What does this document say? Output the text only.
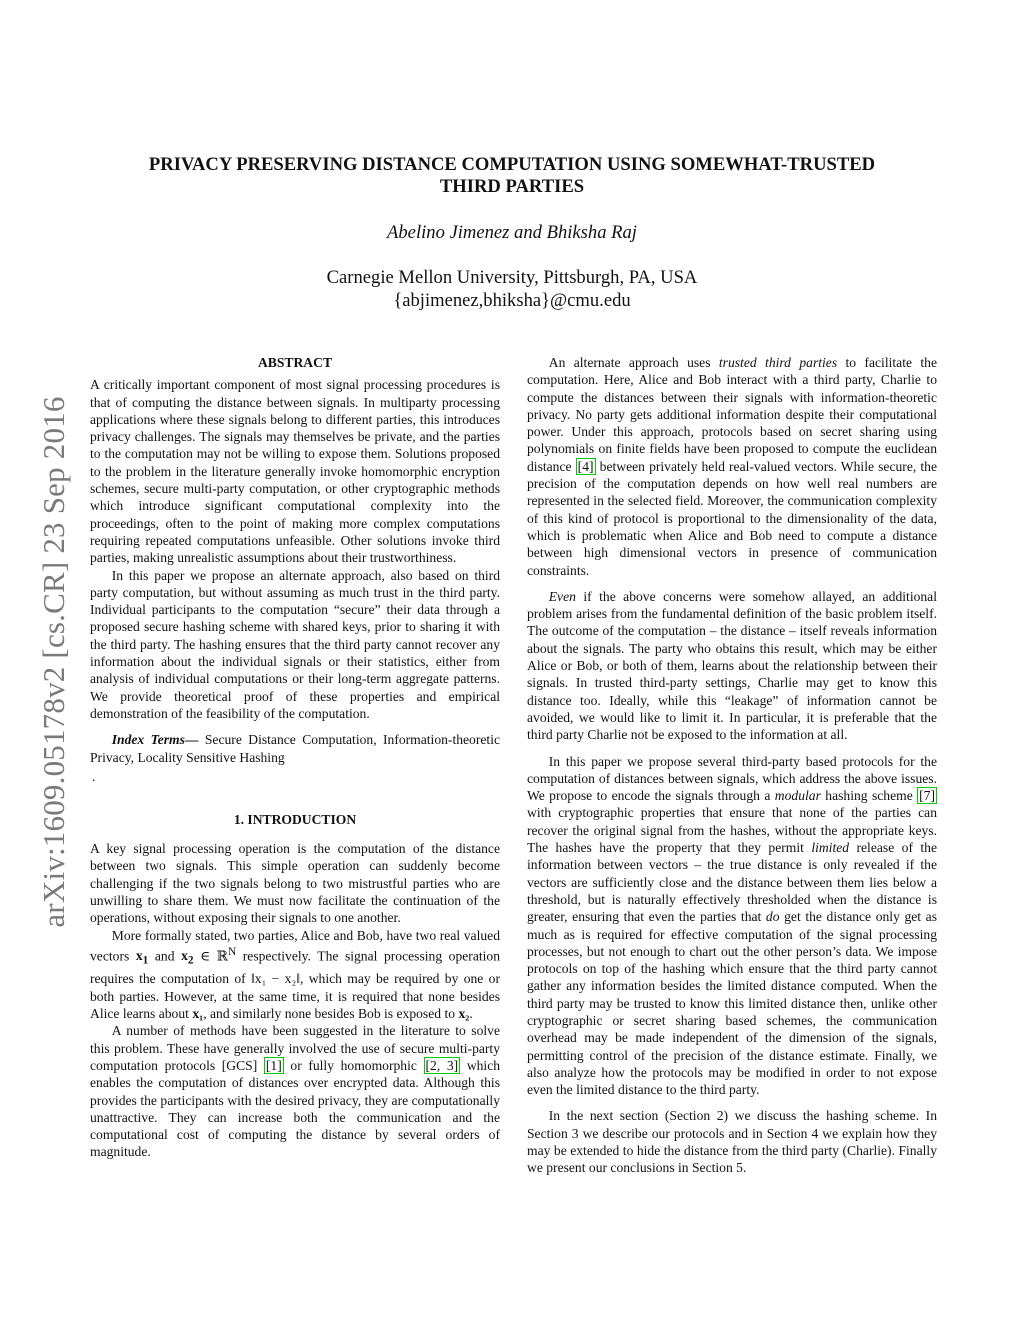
arXiv:1609.05178v2 [cs.CR] 23 Sep 2016
PRIVACY PRESERVING DISTANCE COMPUTATION USING SOMEWHAT-TRUSTED
THIRD PARTIES
Abelino Jimenez and Bhiksha Raj
Carnegie Mellon University, Pittsburgh, PA, USA
{abjimenez,bhiksha}@cmu.edu
ABSTRACT

A critically important component of most signal processing procedures is that of computing the distance between signals. In multiparty processing applications where these signals belong to different parties, this introduces privacy challenges. The signals may themselves be private, and the parties to the computation may not be willing to expose them. Solutions proposed to the problem in the literature generally invoke homomorphic encryption schemes, secure multi-party computation, or other cryptographic methods which introduce significant computational complexity into the proceedings, often to the point of making more complex computations requiring repeated computations unfeasible. Other solutions invoke third parties, making unrealistic assumptions about their trustworthiness.

In this paper we propose an alternate approach, also based on third party computation, but without assuming as much trust in the third party. Individual participants to the computation “secure” their data through a proposed secure hashing scheme with shared keys, prior to sharing it with the third party. The hashing ensures that the third party cannot recover any information about the individual signals or their statistics, either from analysis of individual computations or their long-term aggregate patterns. We provide theoretical proof of these properties and empirical demonstration of the feasibility of the computation.

Index Terms— Secure Distance Computation, Information-theoretic Privacy, Locality Sensitive Hashing

.
1. INTRODUCTION

A key signal processing operation is the computation of the distance between two signals. This simple operation can suddenly become challenging if the two signals belong to two mistrustful parties who are unwilling to share them. We must now facilitate the continuation of the operations, without exposing their signals to one another.

More formally stated, two parties, Alice and Bob, have two real valued vectors $x_1$ and $x_2$ ∈ ℝ$^N$ respectively. The signal processing operation requires the computation of ‖x₁ − x₂‖, which may be required by one or both parties. However, at the same time, it is required that none besides Alice learns about x₁, and similarly none besides Bob is exposed to x₂.

A number of methods have been suggested in the literature to solve this problem. These have generally involved the use of secure multi-party computation protocols [GCS] [1] or fully homomorphic [2, 3] which enables the computation of distances over encrypted data. Although this provides the participants with the desired privacy, they are computationally unattractive. They can increase both the communication and the computational cost of computing the distance by several orders of magnitude.

An alternate approach uses trusted third parties to facilitate the computation. Here, Alice and Bob interact with a third party, Charlie to compute the distances between their signals with information-theoretic privacy. No party gets additional information despite their computational power. Under this approach, protocols based on secret sharing using polynomials on finite fields have been proposed to compute the euclidean distance [4] between privately held real-valued vectors. While secure, the precision of the computation depends on how well real numbers are represented in the selected field. Moreover, the communication complexity of this kind of protocol is proportional to the dimensionality of the data, which is problematic when Alice and Bob need to compute a distance between high dimensional vectors in presence of communication constraints.

Even if the above concerns were somehow allayed, an additional problem arises from the fundamental definition of the basic problem itself. The outcome of the computation – the distance – itself reveals information about the signals. The party who obtains this result, which may be either Alice or Bob, or both of them, learns about the relationship between their signals. In trusted third-party settings, Charlie may get to know this distance too. Ideally, while this “leakage” of information cannot be avoided, we would like to limit it. In particular, it is preferable that the third party Charlie not be exposed to the information at all.

In this paper we propose several third-party based protocols for the computation of distances between signals, which address the above issues. We propose to encode the signals through a modular hashing scheme [7] with cryptographic properties that ensure that none of the parties can recover the original signal from the hashes, without the appropriate keys. The hashes have the property that they permit limited release of the information between vectors – the true distance is only revealed if the vectors are sufficiently close and the distance between them lies below a threshold, but is naturally effectively thresholded when the distance is greater, ensuring that even the parties that do get the distance only get as much as is required for effective computation of the signal processing processes, but not enough to chart out the other person’s data. We impose protocols on top of the hashing which ensure that the third party cannot gather any information besides the limited distance computed. When the third party may be trusted to know this limited distance then, unlike other cryptographic or secret sharing based schemes, the communication overhead may be made independent of the dimension of the signals, permitting control of the precision of the distance estimate. Finally, we also analyze how the protocols may be modified in order to not expose even the limited distance to the third party.

In the next section (Section 2) we discuss the hashing scheme. In Section 3 we describe our protocols and in Section 4 we explain how they may be extended to hide the distance from the third party (Charlie). Finally we present our conclusions in Section 5.
